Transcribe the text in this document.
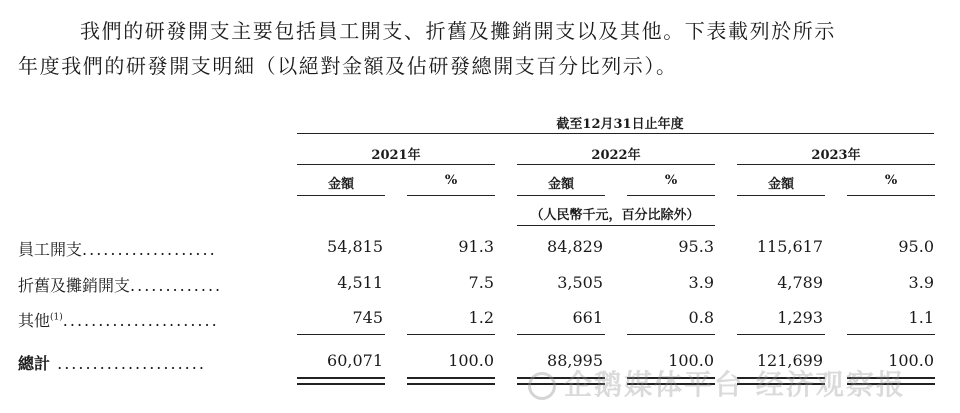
我們的研發開支主要包括員工開支、折舊及攤銷開支以及其他。下表載列於所示
年度我們的研發開支明細（以絕對金額及佔研發總開支百分比列示）。
截至12月31日止年度
2021年	2022年	2023年
金額	%	金額	%	金額	%
（人民幣千元，百分比除外）
員工開支...................	54,815	91.3	84,829	95.3	115,617	95.0
折舊及攤銷開支.............	4,511	7.5	3,505	3.9	4,789	3.9
其他$^{(1)}$......................	745	1.2	661	0.8	1,293	1.1
總計 .....................	60,071	100.0	88,995	100.0	121,699	100.0
企鹅媒体平台 经济观察报
